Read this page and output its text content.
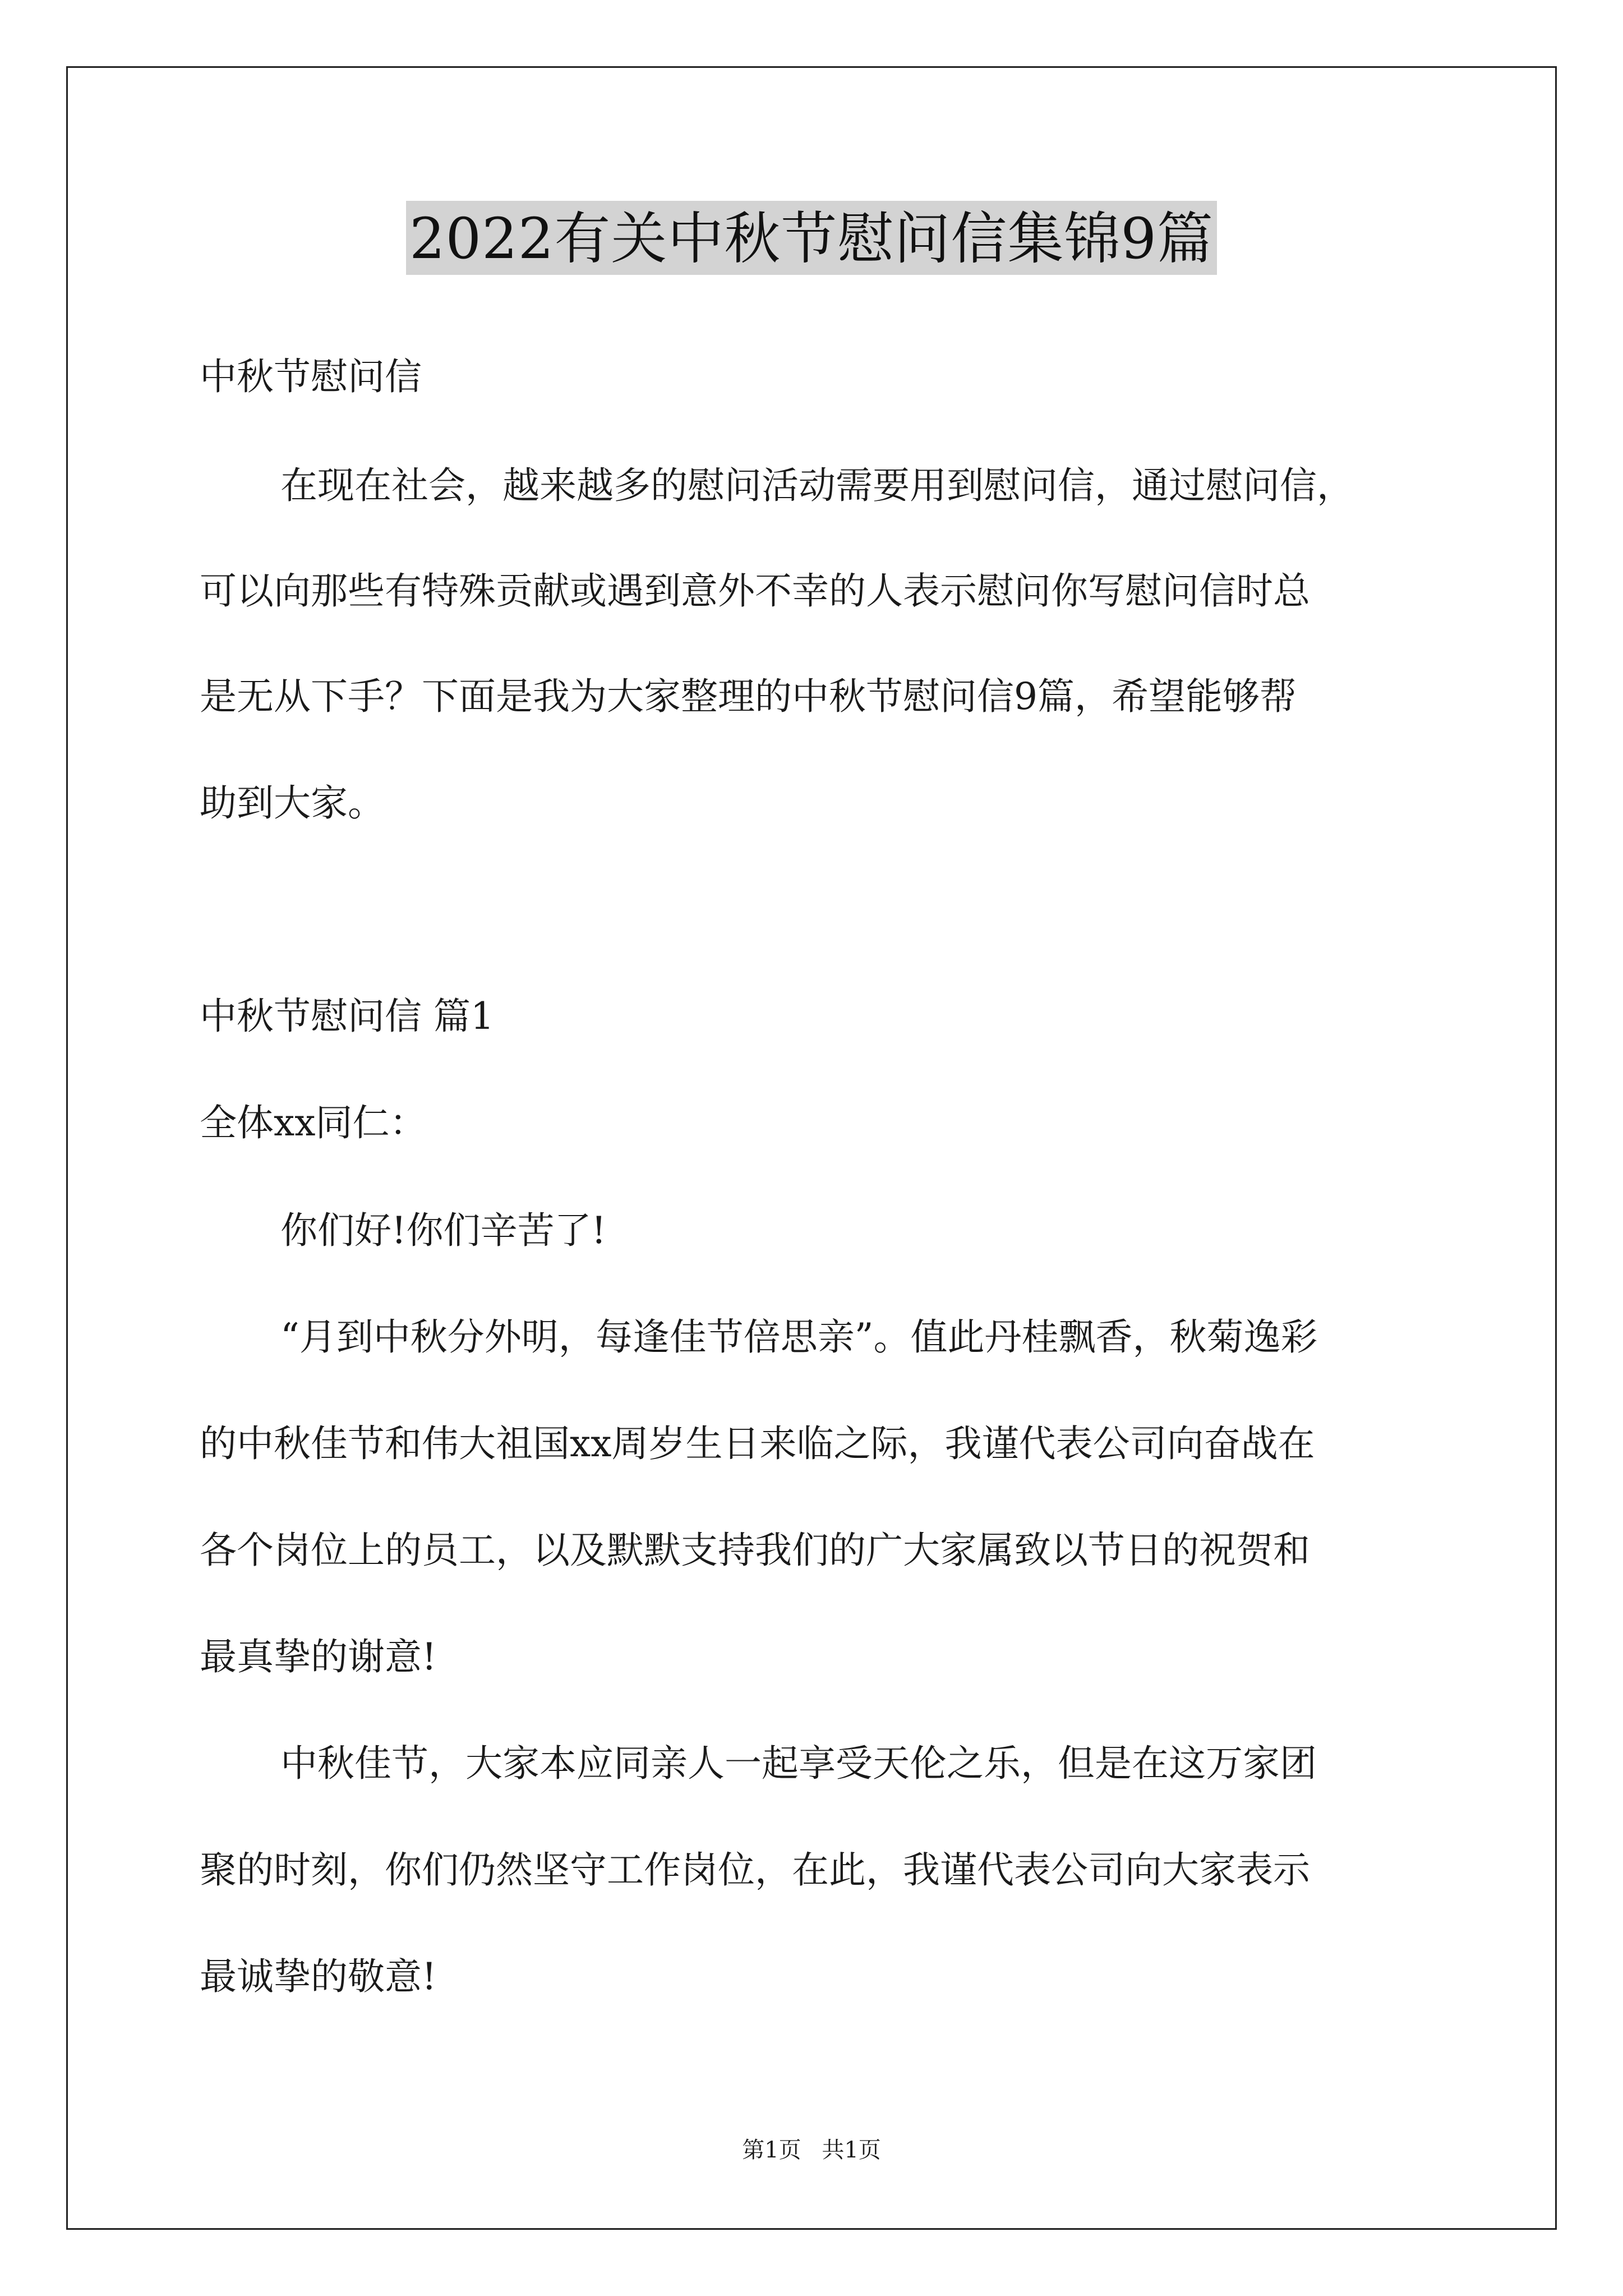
2022有关中秋节慰问信集锦9篇
中秋节慰问信
在现在社会，越来越多的慰问活动需要用到慰问信，通过慰问信，
可以向那些有特殊贡献或遇到意外不幸的人表示慰问你写慰问信时总
是无从下手？下面是我为大家整理的中秋节慰问信9篇，希望能够帮
助到大家。
中秋节慰问信 篇1
全体xx同仁：
你们好!你们辛苦了!
“月到中秋分外明，每逢佳节倍思亲”。值此丹桂飘香，秋菊逸彩
的中秋佳节和伟大祖国xx周岁生日来临之际，我谨代表公司向奋战在
各个岗位上的员工，以及默默支持我们的广大家属致以节日的祝贺和
最真挚的谢意!
中秋佳节，大家本应同亲人一起享受天伦之乐，但是在这万家团
聚的时刻，你们仍然坚守工作岗位，在此，我谨代表公司向大家表示
最诚挚的敬意!
第1页 共1页
